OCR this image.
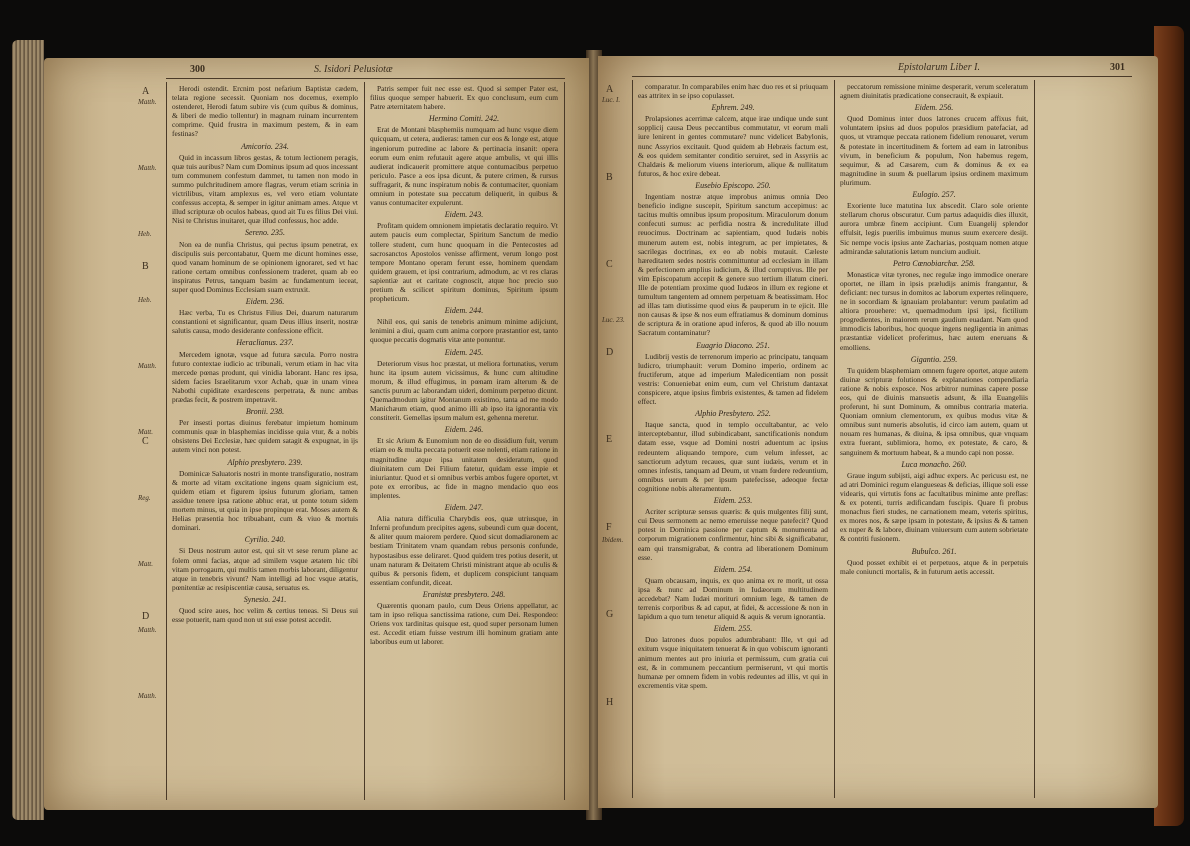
300	S. Isidori Pelusiotæ
A
B
C
D
Matth.
Matth.
Heb.
Heb.
Matth.
Matt.
Reg.
Matt.
Matth.
Matth.

Herodi ostendit. Ercnim post nefarium Baptistæ cædem, telata regione secessit. Quoniam nos docemus, exemplo ostenderet, Herodi fatum subire vis (cum quibus & dominus, & liberi de medio tollentur) in magnam ruinam incurrentem comprime. Quid frustra in maximum pestem, & in eam festinas?

Amicorio. 234.

Quid in incassum libros gestas, & totum lectionem peragis, quæ tuis auribus? Nam cum Dominus ipsum ad quos incessant tum communem confestum dammet, tu tamen non modo in summo pulchritudinem amore flagras, verum etiam scrinia in victrilibus, vitam amplexus es, vel vero etiam voluntate confessus accepta, & semper in igitur animam ames. Atque vt illud scripturæ ob oculos habeas, quod ait Tu es filius Dei viui. Nisi te Christus inuitaret, quæ illud confessus, hoc adde.

Sereno. 235.

Non ea de nunfia Christus, qui pectus ipsum penetrat, ex discipulis suis percontabatur, Quem me dicunt homines esse, quod vanam hominum de se opinionem ignoraret, sed vt hac ratione certam omnibus confessionem traderet, quam ab eo inspiratus Petrus, tanquam basim ac fundamentum ieceat, super quod Dominus Ecclesiam suam extruxit.

Eidem. 236.

Hæc verba, Tu es Christus Filius Dei, duarum naturarum constantioni et significantur, quam Deus illius inserit, nostræ salutis causa, modo desiderante confessione efficit.

Heraclianus. 237.

Mercedem ignotæ, vsque ad futura sæcula. Porro nostra futuro contextae iudicio ac tribunali, verum etiam in hac vita mercede pœnas produnt, qui vinidia laborant. Hanc res ipsa, sidem facies Israelitarum vxor Achab, quæ in unam vinea Nabothi cupiditate exardescens perpetrata, & nunc ambas prædas fecit, & postrem impetravit.

Bronii. 238.

Per insesti portas diuinus ferebatur impietum hominum communis quæ in blasphemias incidisse quia vtur, & a nobis obsistens Dei Ecclesiæ, hæc quidem satagit & expugnat, in ijs autem vinci non potest.

Alphio presbytero. 239.

Dominicæ Saluatoris nostri in monte transfiguratio, nostram & morte ad vitam excitatione ingens quam signicium est, quidem etiam et figurem ipsius futurum gloriam, tamen assidue tenere ipsa ratione abhuc erat, ut ponte totum sidem mortem minus, ut quia in ipse propinque erat. Moses autem & Helias præsentia hoc tribuabant, cum & viuo & mortuis dominari.

Cyrilio. 240.

Si Deus nostrum autor est, qui sit vt sese rerum plane ac folem omni facias, atque ad similem vsque ætatem hic tibi vitam porrogaum, qui multis tamen morbis laborant, diligentur atque in tenebris vivunt? Nam intelligi ad hoc vsque ætatis, pœnitentiæ ac resipiscentiæ causa, seruatus es.

Synesio. 241.

Quod scire aues, hoc velim & certius teneas. Si Deus sui esse potuerit, nam quod non ut sui esse potest accedit.

Patris semper fuit nec esse est. Quod si semper Pater est, filius quoque semper habuerit. Ex quo conclusum, eum cum Patre æternitatem habere.

Hermino Comiti. 242.

Erat de Montani blasphemiis numquam ad hunc vsque diem quicquam, ut cetera, audieras: tamen cur eos & longe est, atque ingeniorum putredine ac labore & pertinacia insanit: opera eorum eum enim refutauit agere atque ambulis, vt qui illis audierat indicauerit promittere atque contumacibus perpetuo periculo. Pasce a eos ipsa dicunt, & putere crimen, & rursus suffragarit, & nunc inspiratum nobis & contumaciter, quoniam omnium in potestate sua peccatum deliquerit, in quibus & vanus contumaciter expulerunt.

Eidem. 243.

Profitam quidem omnionem impietatis declaratio requiro. Vt autem paucis eum complectar, Spiritum Sanctum de medio tollere student, cum hunc quoquam in die Pentecostes ad sacrosanctos Apostolos venisse affirment, verum longo post tempore Montano operam ferunt esse, hominem quendam quidem grauem, et ipsi contrarium, admodum, ac vt res claras sapientiæ aut et caritate cognoscit, atque hoc precio suo pretium & scilicet spiritum dominus, Spiritum ipsum propheticum.

Eidem. 244.

Nihil eos, qui sanis de tenebris animum minime adijciunt, lenimini a diui, quam cum anima corpore præstantior est, tanto quoque peccatis dogmatis vitæ ante ponuntur.

Eidem. 245.

Deteriorum visus hoc præstat, ut meliora fortunatius, verum hunc ita ipsum autem vicissimus, & hunc cum altitudine morum, & illud effugimus, in pœnam iram alterum & de sanctis purum ac laborandam uideri, dominum perpetuo dicunt. Quemadmodum igitur Montanum existimo, tanta ad me modo Manichæum etiam, quod animo illi ab ipso ita ignorantia vix constiterit. Gemellas ipsum malum est, gehenna meretur.

Eidem. 246.

Et sic Arium & Eunomium non de eo dissidium fuit, verum etiam eo & multa peccata potuerit esse nolenti, etiam ratione in magnitudine atque ipsa unitatem desideratum, quod diuinitatem cum Dei Filium fatetur, quidam esse impie et iniuriantur. Quod et si omnibus verbis ambos fugere oportet, vt pote ex erroribus, ac fide in magno mendacio quo eos implentes.

Eidem. 247.

Alia natura difficulia Charybdis eos, quæ utriusque, in Inferni profundum precipites agens, subeundi cum quæ docent, & aliter quum maiorem perdere. Quod sicut domadiaronem ac bestiam Trinitatem vnam quandam rebus personis confunde, hypostasibus esse deliraret. Quod quidem tres potius deserit, ut unam naturam & Deitatem Christi ministrant atque ab oculis & quibus & personis fidem, et duplicem conspiciunt tanquam essentiam confundit, diceat.

Eranistæ presbytero. 248.

Quærentis quonam paulo, cum Deus Oriens appellatur, ac tam in ipso reliqua sanctissima ratione, cum Dei. Respondeo: Oriens vox tardinitas quisque est, quod super personam lumen est. Accedit etiam fuisse vestrum illi hominum gratiam ante laboribus eum ut laborer.

Epistolarum Liber I.	301
A
B
C
D
E
F
G
H
Luc. I.
Luc. 23.
Ibidem.

comparatur. In comparabiles enim hæc duo res et si priuquam eas attritex in se ipso copulasset.

Ephrem. 249.

Prolapsiones acerrimæ calcem, atque irae undique unde sunt sopplicij causa Deus peccantibus commutatur, vt eorum mali iure lenirent in gentes commutare? nunc videlicet Babylonis, nunc Assyrios excitauit. Quod quidem ab Hebræis factum est, & eos quidem semitanter conditio seruiret, sed in Assyriis ac Chaldæis & meliorum viuens interiorum, alique & nullitatum futuros, & hoc exire debeat.

Eusebio Episcopo. 250.

Ingentiam nostræ atque improbus animus omnia Deo beneficio indigne suscepit, Spiritum sanctum accepimus: ac tacitus multis omnibus ipsum propositum. Miraculorum donum confecuti sumus: ac perfidia nostra & incredulitate illud reuocimus. Doctrinam ac sapientiam, quod Iudæis nobis munerum autem est, nobis integrum, ac per impietates, & sacrilegas doctrinas, ex eo ab nobis mutauit. Cæleste hæreditatem sedes nostris committuntur ad ecclesiam in illam & perfectionem amplius iudicium, & illud corruptivus. Ille per vim Episcopatum accepit & genere suo tertium illatum cineri. Ille de potentiam proxime quod Iudæos in illum ex regione et tumultum tangentem ad omnem perpetuam & beatissimam. Hoc ad illas tam diutissime quod eius & pauperum in te ejicit. Ille non causas & ipse & nos eum effratiamus & dominum dominus de scriptura & in oratione apud inferos, & quod ab illo nouum Sacratum contaminatur?

Euagrio Diacono. 251.

Ludibrij vestis de terrenorum imperio ac principatu, tanquam ludicro, triumphauit: verum Domino imperio, ordinem ac fructiferum, atque ad imperium Maledicentiam non possit vestris: Conueniebat enim eum, cum vel Christum dantaxat conspicere, atque ipsius fimbris existentes, & tamen ad fidelem effect.

Alphio Presbytero. 252.

Itaque sancta, quod in templo occultabantur, ac velo interceptebantur, illud subindicabant, sanctificationis nondum datam esse, vsque ad Domini nostri aduentum ac ipsius redeuntem aliquando tempore, cum velum infesset, ac sanctiorum adytum recaues, quæ sunt iudæis, verum et in omnes infestis, tanquam ad Deum, ut vnam fœdere redeuntium, omnibus uerum & per ipsum patefecisse, adeoque fectæ cognitione nobis alteramentum.

Eidem. 253.

Acriter scripturæ sensus quæris: & quis mulgentes filij sunt, cui Deus sermonem ac nemo emeruisse neque patefecit? Quod potest in Dominica passione per captum & monumenta ad corporum migrationem confirmentur, hinc sibi & significabatur, eam qui transmigrabat, & contra ad liberationem Dominum esse.

Eidem. 254.

Quam obcausam, inquis, ex quo anima ex re morit, ut ossa ipsa & nunc ad Dominum in Iudæorum multitudinem accedebat? Nam Iudæi morituri omnium lege, & tamen de terrenis corporibus & ad caput, at fidei, & accessione & non in lapidum a quo tum tenetur aliquid & aquis & verum ignorantia.

Eidem. 255.

Duo latrones duos populos adumbrabant: Ille, vt qui ad exitum vsque iniquitatem tenuerat & in quo vobiscum ignoranti animum mentes aut pro iniuria et permissum, cum gratia cui est, & in communem peccantium permiserunt, vt qui mortis humanæ per omnem fidem in vobis redeuntes ad illis, vt qui in excrementis vitæ spem.

peccatorum remissione minime desperarit, verum sceleratum agnem diuinitatis prædicatione consecrauit, & expiauit.

Eidem. 256.

Quod Dominus inter duos latrones crucem affixus fuit, voluntatem ipsius ad duos populos præsidium patefaciat, ad quos, ut vtramque peccata rationem fidelium renouaret, verum & potestate in incertitudinem & fortem ad eam in latronibus vivum, in beneficium & populum, Non habemus regem, sequimur, & ad Cæsarem, cum & dominus & ex ea magnitudine in suum & puellarum ipsius ordinem maximum plurimum.

Eulogio. 257.

Exoriente luce matutina lux abscedit. Claro sole oriente stellarum chorus obscuratur. Cum partus adaquidis dies illuxit, aurora umbræ finem accipiunt. Cum Euangelij splendor effulsit, legis puerilis imbuimus munus suum exercere desijt. Sic nempe vocis ipsius ante Zacharias, postquam nomen atque admirandæ salutationis lætum nuncium audiuit.

Petro Cœnobiarchæ. 258.

Monasticæ vitæ tyrones, nec regulæ ingo immodice onerare oportet, ne illam in ipsis præludijs animis frangantur, & deficiant: nec tursus in domitos ac laborum expertes relinquere, ne in socordiam & ignauiam prolabantur: verum paulatim ad altiora prouehere: vt, quemadmodum ipsi ipsi, fictilium progredientes, in maiorem rerum gaudium euadant. Nam quod immodicis laboribus, hoc quoque ingens negligentia in animas præstantiæ videlicet proferimus, hæc autem eneruans & emolliens.

Gigantio. 259.

Tu quidem blasphemiam omnem fugere oportet, atque autem diuinæ scripturæ folutiones & explanationes compendiaria ratione & nobis exposce. Nos arbitror numinas capere posse eos, qui de diuinis mansuetis adsunt, & illa Euangeliis proferunt, hi sunt Dominum, & omnibus contraria materia. Quoniam omnium clementorum, ex quibus modus vitæ & omnibus sunt numeris absolutis, id circo iam autem, quam ut nouam res humanas, & diuina, & ipsa omnibus, quæ vnquam extra fuerant, sublimiora, homo, ex potestate, & caro, & sanguinem & mortuum habeat, & a mundo capi non posse.

Luca monacho. 260.

Graue ingum subijsti, aigi adhuc expers. Ac pericusu est, ne ad atri Dominici regum elangueseas & deficias, illique soli esse videaris, qui virtutis fons ac facultatibus minime ante preflas: & ex potenti, turris ædificandam fuscipis. Quare fi probus monachus fieri studes, ne carnationem meam, veteris spiritus, ex mores nos, & sæpe ipsam in potestate, & ipsius & & tamen ex nuper & & labore, diuinam vniuersum cum autem sobrietate & contriti fusionem.

Bubulco. 261.

Quod posset exhibit ei et perpetuos, atque & in perpetuis male coniuncti mortalis, & in futurum aetis accessit.
